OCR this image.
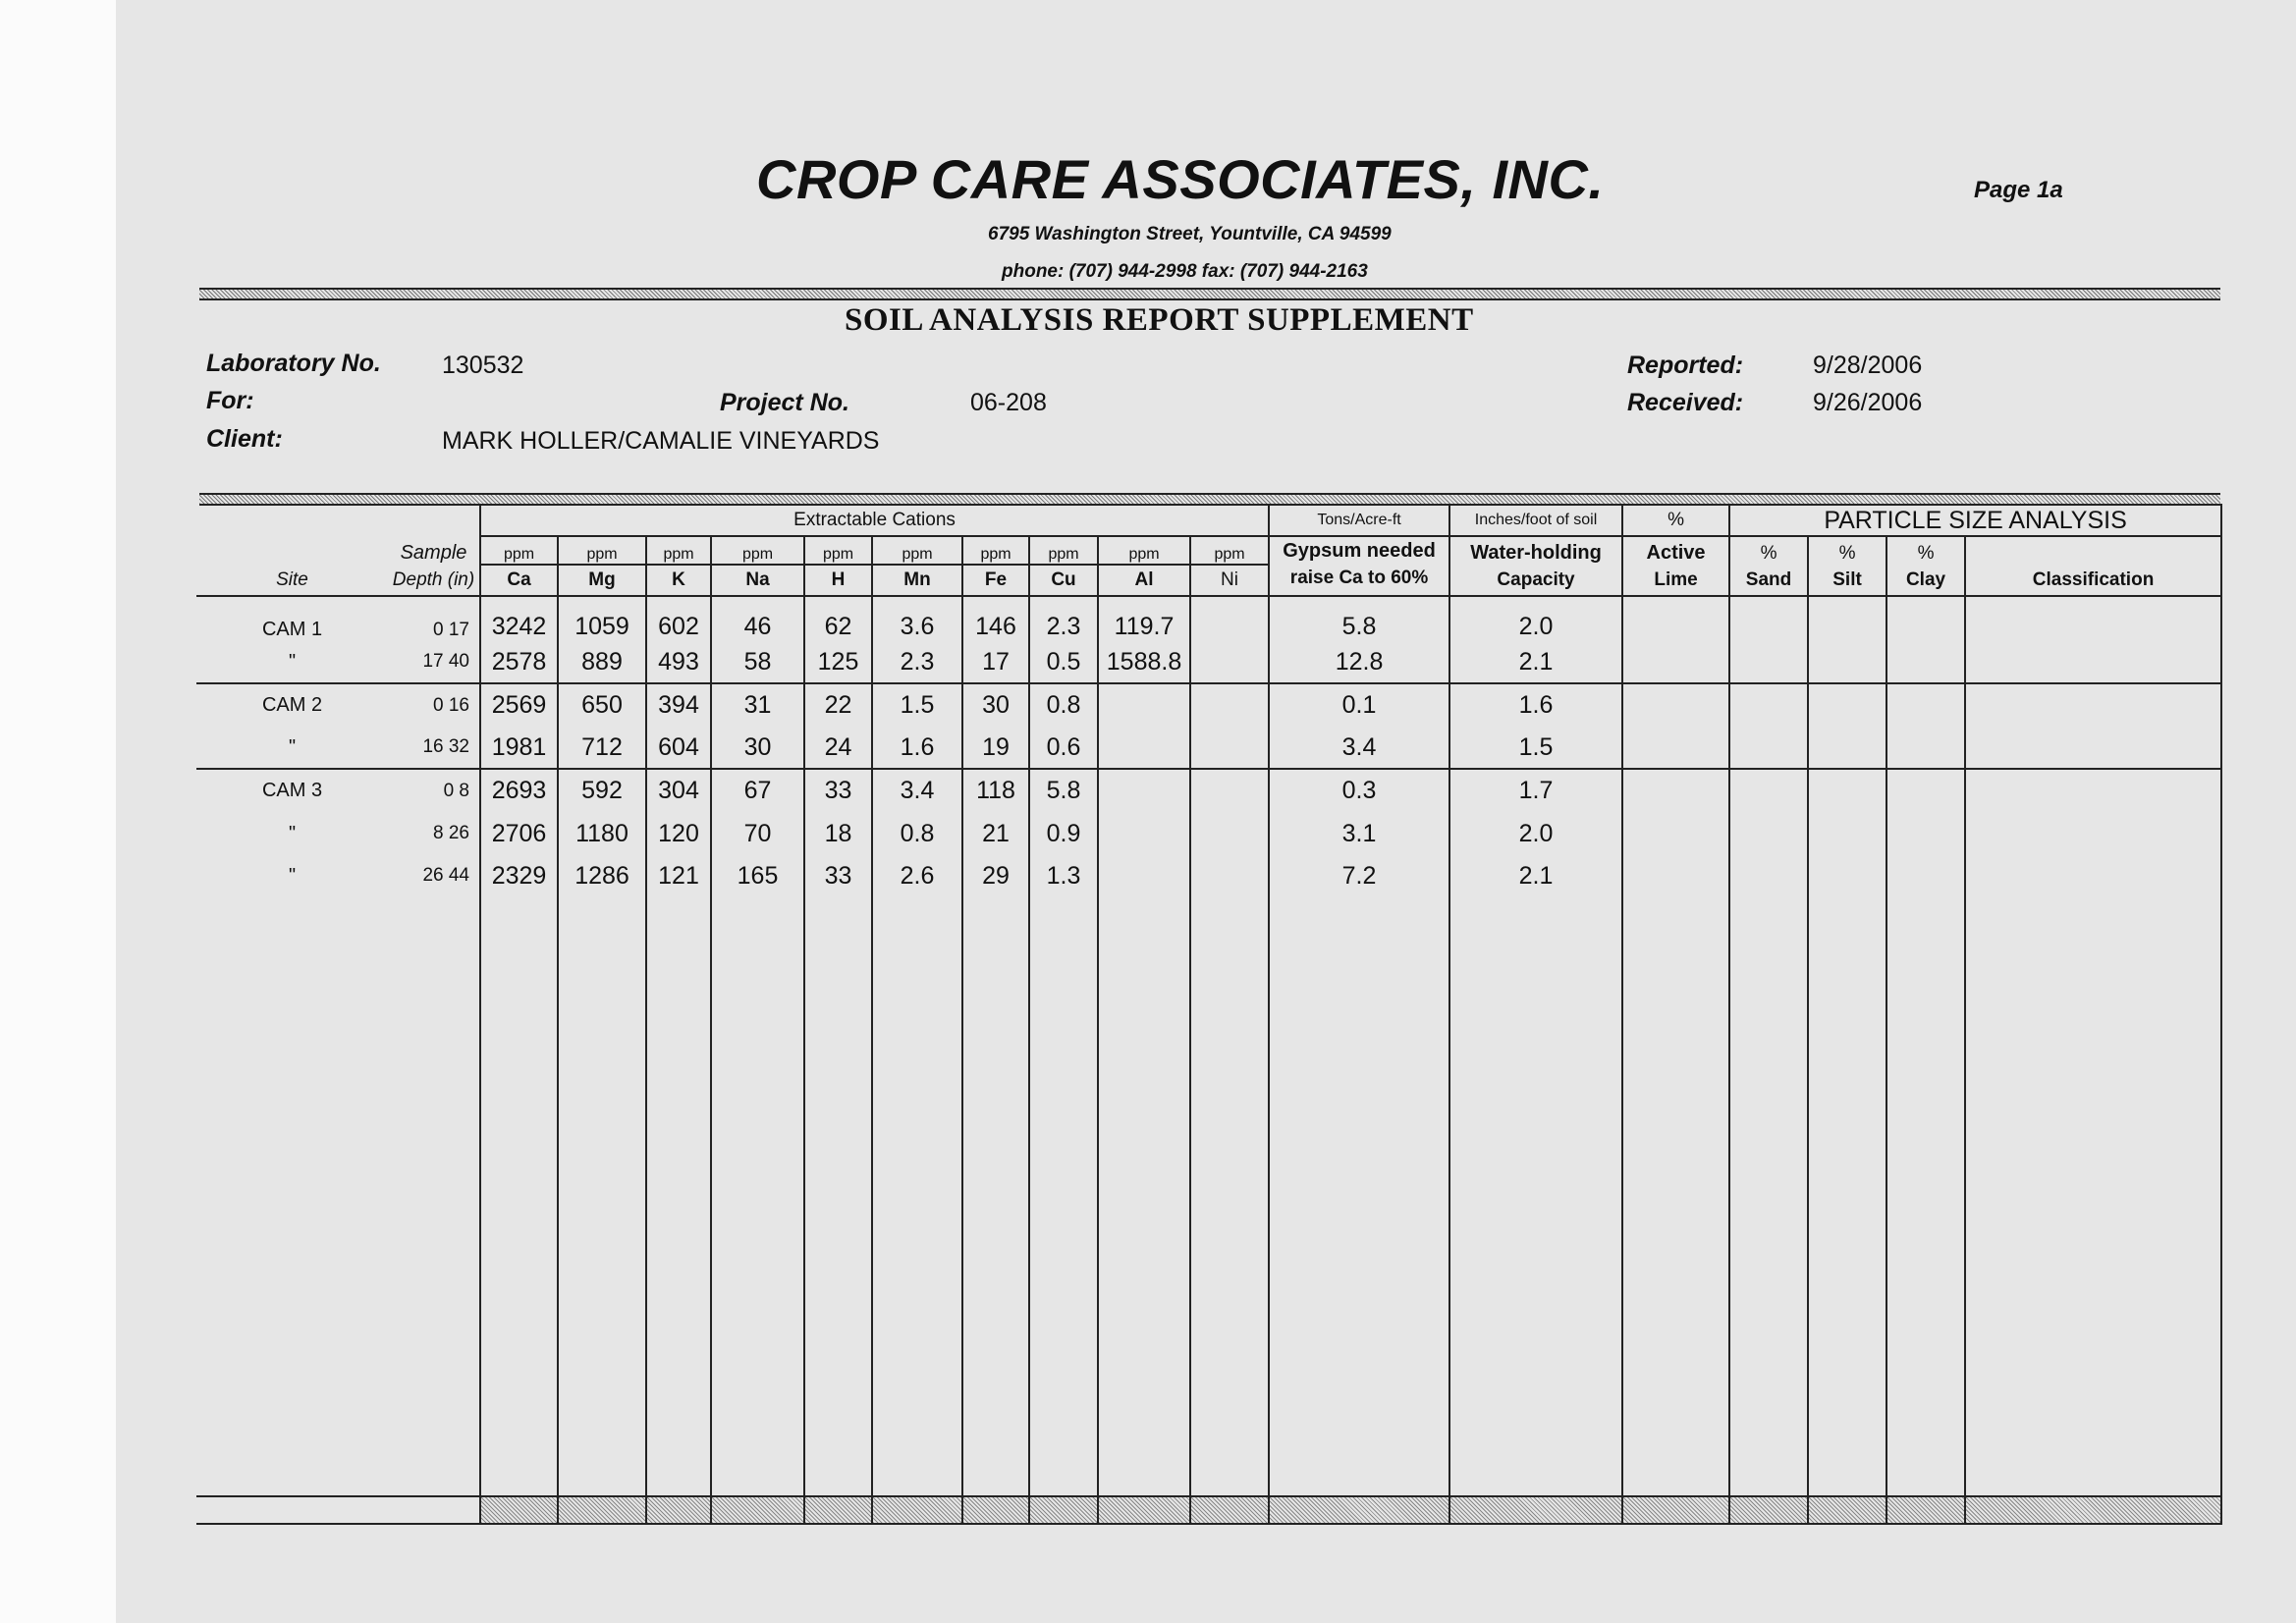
CROP CARE ASSOCIATES, INC.
6795 Washington Street, Yountville, CA 94599
phone: (707) 944-2998 fax: (707) 944-2163
Page 1a
SOIL ANALYSIS REPORT SUPPLEMENT
Laboratory No. 130532
For:
Client:	MARK HOLLER/CAMALIE VINEYARDS
Project No.	06-208
Reported:	9/28/2006
Received:	9/26/2006
		Extractable Cations										Tons/Acre-ft	Inches/foot of soil	%	PARTICLE SIZE ANALYSIS			
	Sample	ppm	ppm	ppm	ppm	ppm	ppm	ppm	ppm	ppm	ppm	Gypsum needed	Water-holding	Active	%	%	%	
Site	Depth (in)	Ca	Mg	K	Na	H	Mn	Fe	Cu	Al	Ni	raise Ca to 60%	Capacity	Lime	Sand	Silt	Clay	Classification
CAM 1	0 17	3242	1059	602	46	62	3.6	146	2.3	119.7		5.8	2.0					
"	17 40	2578	889	493	58	125	2.3	17	0.5	1588.8		12.8	2.1					
CAM 2	0 16	2569	650	394	31	22	1.5	30	0.8			0.1	1.6					
"	16 32	1981	712	604	30	24	1.6	19	0.6			3.4	1.5					
CAM 3	0 8	2693	592	304	67	33	3.4	118	5.8			0.3	1.7					
"	8 26	2706	1180	120	70	18	0.8	21	0.9			3.1	2.0					
"	26 44	2329	1286	121	165	33	2.6	29	1.3			7.2	2.1					
